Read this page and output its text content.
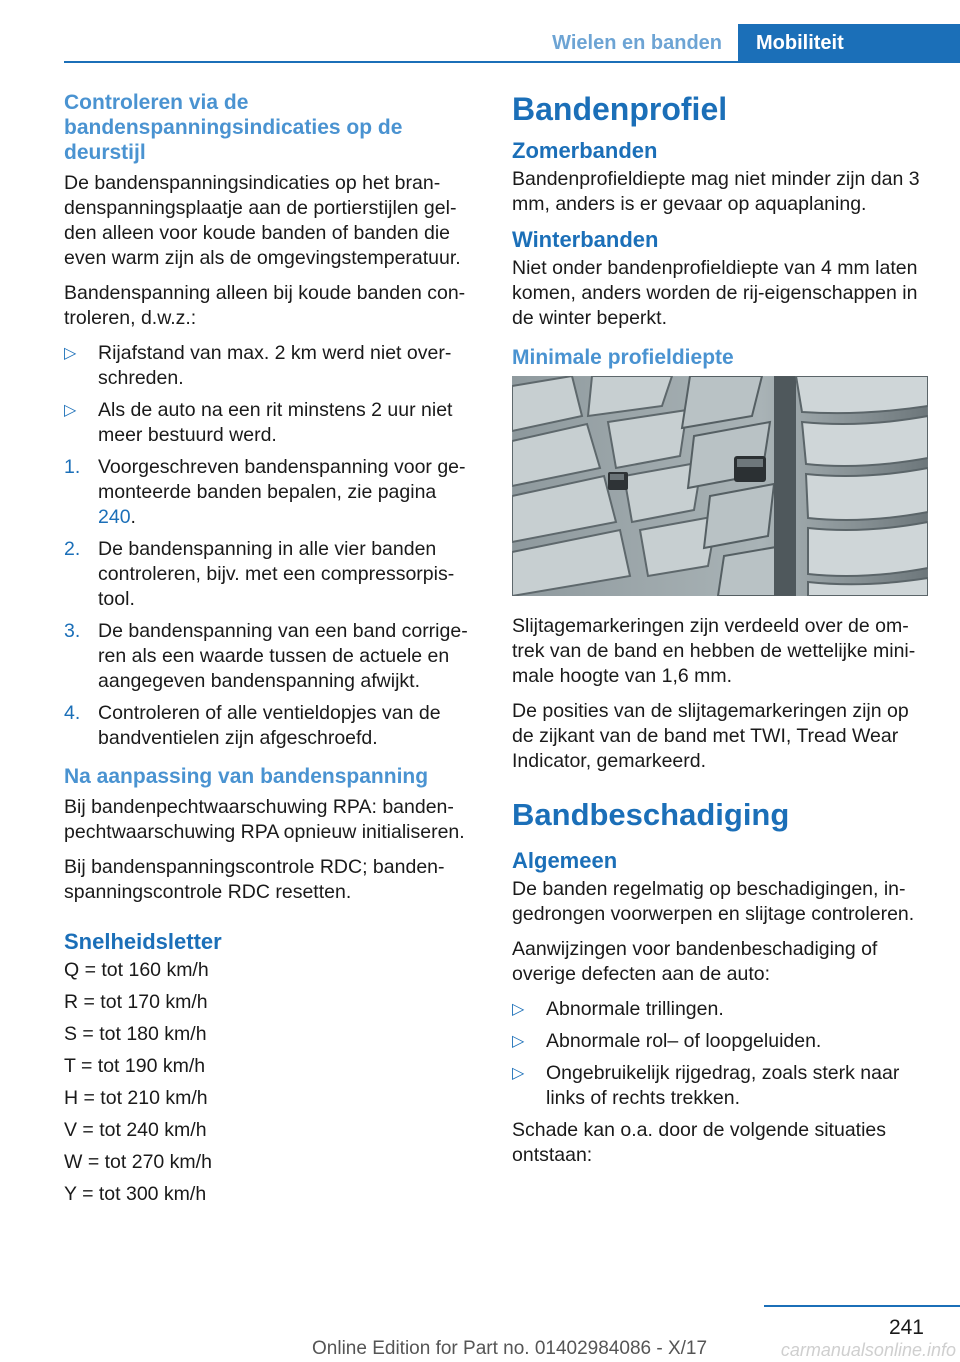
Wielen en banden	Mobiliteit
Controleren via de bandenspanningsindicaties op de deurstijl

De bandenspanningsindicaties op het brandenspanningsplaatje aan de portierstijlen gelden alleen voor koude banden of banden die even warm zijn als de omgevingstemperatuur.

Bandenspanning alleen bij koude banden controleren, d.w.z.:

▷ Rijafstand van max. 2 km werd niet overschreden.
▷ Als de auto na een rit minstens 2 uur niet meer bestuurd werd.
1. Voorgeschreven bandenspanning voor gemonteerde banden bepalen, zie pagina 240.
2. De bandenspanning in alle vier banden controleren, bijv. met een compressorpistool.
3. De bandenspanning van een band corrigeren als een waarde tussen de actuele en aangegeven bandenspanning afwijkt.
4. Controleren of alle ventieldopjes van de bandventielen zijn afgeschroefd.
Na aanpassing van bandenspanning

Bij bandenpechtwaarschuwing RPA: bandenpechtwaarschuwing RPA opnieuw initialiseren.

Bij bandenspanningscontrole RDC; bandenspanningscontrole RDC resetten.

Snelheidsletter

Q = tot 160 km/h

R = tot 170 km/h

S = tot 180 km/h

T = tot 190 km/h

H = tot 210 km/h

V = tot 240 km/h

W = tot 270 km/h

Y = tot 300 km/h

Bandenprofiel
Zomerbanden

Bandenprofieldiepte mag niet minder zijn dan 3 mm, anders is er gevaar op aquaplaning.

Winterbanden

Niet onder bandenprofieldiepte van 4 mm laten komen, anders worden de rij-eigenschappen in de winter beperkt.

Minimale profieldiepte

Slijtagemarkeringen zijn verdeeld over de omtrek van de band en hebben de wettelijke minimale hoogte van 1,6 mm.

De posities van de slijtagemarkeringen zijn op de zijkant van de band met TWI, Tread Wear Indicator, gemarkeerd.

Bandbeschadiging
Algemeen

De banden regelmatig op beschadigingen, ingedrongen voorwerpen en slijtage controleren.

Aanwijzingen voor bandenbeschadiging of overige defecten aan de auto:

▷ Abnormale trillingen.
▷ Abnormale rol– of loopgeluiden.
▷ Ongebruikelijk rijgedrag, zoals sterk naar links of rechts trekken.

Schade kan o.a. door de volgende situaties ontstaan:

241
Online Edition for Part no. 01402984086 - X/17	carmanualsonline.info
